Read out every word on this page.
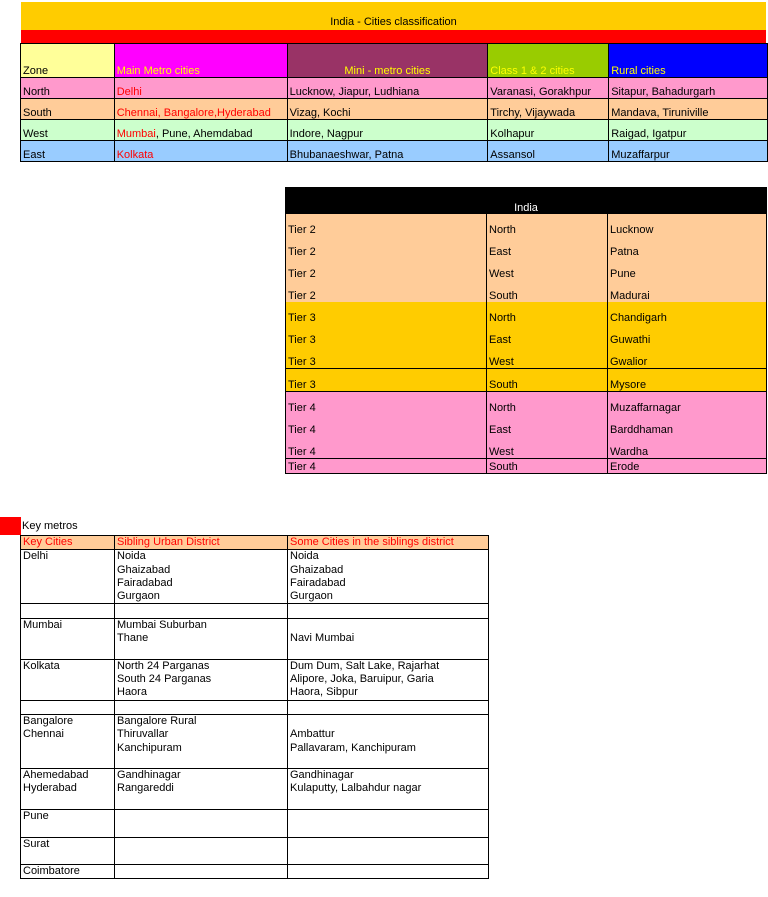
India - Cities classification
Zone	Main Metro cities	Mini - metro cities	Class 1 & 2 cities	Rural cities
North	Delhi	Lucknow, Jiapur, Ludhiana	Varanasi, Gorakhpur	Sitapur, Bahadurgarh
South	Chennai, Bangalore,Hyderabad	Vizag, Kochi	Tirchy, Vijaywada	Mandava, Tiruniville
West	Mumbai, Pune, Ahemdabad	Indore, Nagpur	Kolhapur	Raigad, Igatpur
East	Kolkata	Bhubanaeshwar, Patna	Assansol	Muzaffarpur
India		
Tier 2	North	Lucknow
Tier 2	East	Patna
Tier 2	West	Pune
Tier 2	South	Madurai
Tier 3	North	Chandigarh
Tier 3	East	Guwathi
Tier 3	West	Gwalior
Tier 3	South	Mysore
Tier 4	North	Muzaffarnagar
Tier 4	East	Barddhaman
Tier 4	West	Wardha
Tier 4	South	Erode
Key metros
Key Cities	Sibling Urban District	Some Cities in the siblings district
Delhi	Noida	Noida
	Ghaizabad	Ghaizabad
	Fairadabad	Fairadabad
	Gurgaon	Gurgaon

Mumbai	Mumbai Suburban	
	Thane	Navi Mumbai

Kolkata	North 24 Parganas	Dum Dum, Salt Lake, Rajarhat
	South 24 Parganas	Alipore, Joka, Baruipur, Garia
	Haora	Haora, Sibpur

Bangalore	Bangalore Rural	
Chennai	Thiruvallar	Ambattur
	Kanchipuram	Pallavaram, Kanchipuram

Ahemedabad	Gandhinagar	Gandhinagar
Hyderabad	Rangareddi	Kulaputty, Lalbahdur nagar

Pune		

Surat		

Coimbatore		
